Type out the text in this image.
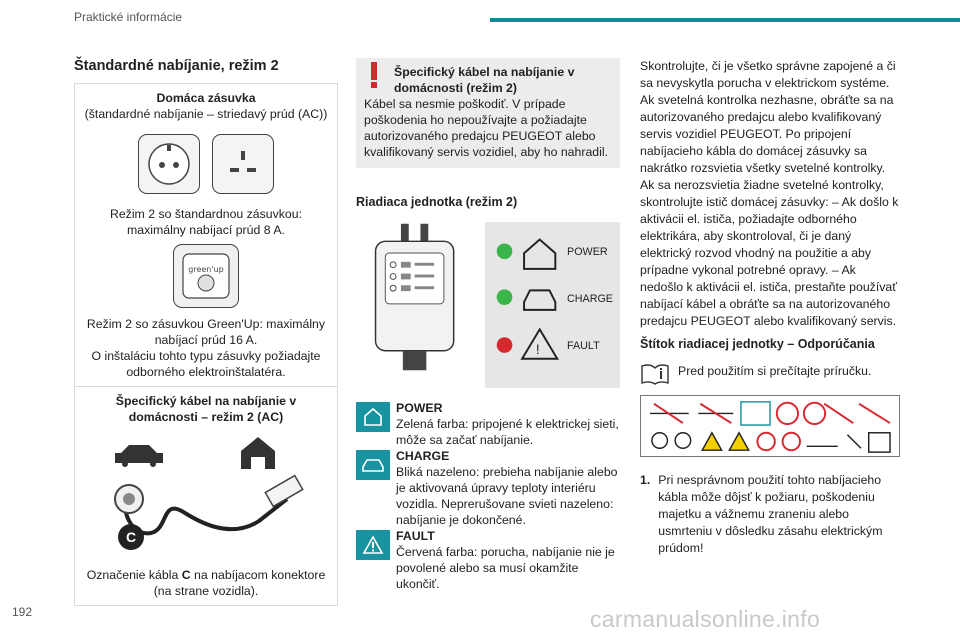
Praktické informácie
Štandardné nabíjanie, režim 2
Domáca zásuvka
(štandardné nabíjanie – striedavý prúd (AC))
Režim 2 so štandardnou zásuvkou: maximálny nabíjací prúd 8 A.
green'up
Režim 2 so zásuvkou Green'Up: maximálny nabíjací prúd 16 A.
O inštaláciu tohto typu zásuvky požiadajte odborného elektroinštalatéra.
Špecifický kábel na nabíjanie v domácnosti – režim 2 (AC)
C
Označenie kábla C na nabíjacom konektore (na strane vozidla).
Špecifický kábel na nabíjanie v domácnosti (režim 2)
Kábel sa nesmie poškodiť. V prípade poškodenia ho nepoužívajte a požiadajte autorizovaného predajcu PEUGEOT alebo kvalifikovaný servis vozidiel, aby ho nahradil.
Riadiaca jednotka (režim 2)
POWER
CHARGE
! FAULT
POWER
Zelená farba: pripojené k elektrickej sieti, môže sa začať nabíjanie.
CHARGE
Bliká nazeleno: prebieha nabíjanie alebo je aktivovaná úpravy teploty interiéru vozidla. Neprerušovane svieti nazeleno: nabíjanie je dokončené.
FAULT
Červená farba: porucha, nabíjanie nie je povolené alebo sa musí okamžite ukončiť.
Skontrolujte, či je všetko správne zapojené a či sa nevyskytla porucha v elektrickom systéme. Ak svetelná kontrolka nezhasne, obráťte sa na autorizovaného predajcu alebo kvalifikovaný servis vozidiel PEUGEOT. Po pripojení nabíjacieho kábla do domácej zásuvky sa nakrátko rozsvietia všetky svetelné kontrolky. Ak sa nerozsvietia žiadne svetelné kontrolky, skontrolujte istič domácej zásuvky: – Ak došlo k aktivácii el. ističa, požiadajte odborného elektrikára, aby skontroloval, či je daný elektrický rozvod vhodný na použitie a aby prípadne vykonal potrebné opravy. – Ak nedošlo k aktivácii el. ističa, prestaňte používať nabíjací kábel a obráťte sa na autorizovaného predajcu PEUGEOT alebo kvalifikovaný servis.
Štítok riadiacej jednotky – Odporúčania
Pred použitím si prečítajte príručku.
1. Pri nesprávnom použití tohto nabíjacieho kábla môže dôjsť k požiaru, poškodeniu majetku a vážnemu zraneniu alebo usmrteniu v dôsledku zásahu elektrickým prúdom!
192	carmanualsonline.info
